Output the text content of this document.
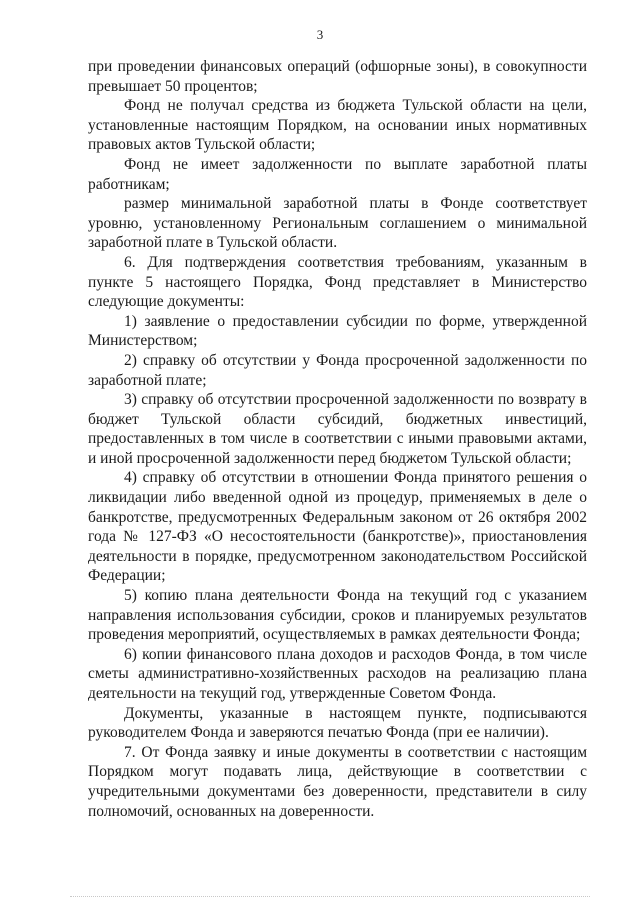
3

при проведении финансовых операций (офшорные зоны), в совокупности превышает 50 процентов;

Фонд не получал средства из бюджета Тульской области на цели, установленные настоящим Порядком, на основании иных нормативных правовых актов Тульской области;

Фонд не имеет задолженности по выплате заработной платы работникам;

размер минимальной заработной платы в Фонде соответствует уровню, установленному Региональным соглашением о минимальной заработной плате в Тульской области.

6. Для подтверждения соответствия требованиям, указанным в пункте 5 настоящего Порядка, Фонд представляет в Министерство следующие документы:

1) заявление о предоставлении субсидии по форме, утвержденной Министерством;

2) справку об отсутствии у Фонда просроченной задолженности по заработной плате;

3) справку об отсутствии просроченной задолженности по возврату в бюджет Тульской области субсидий, бюджетных инвестиций, предоставленных в том числе в соответствии с иными правовыми актами, и иной просроченной задолженности перед бюджетом Тульской области;

4) справку об отсутствии в отношении Фонда принятого решения о ликвидации либо введенной одной из процедур, применяемых в деле о банкротстве, предусмотренных Федеральным законом от 26 октября 2002 года № 127-ФЗ «О несостоятельности (банкротстве)», приостановления деятельности в порядке, предусмотренном законодательством Российской Федерации;

5) копию плана деятельности Фонда на текущий год с указанием направления использования субсидии, сроков и планируемых результатов проведения мероприятий, осуществляемых в рамках деятельности Фонда;

6) копии финансового плана доходов и расходов Фонда, в том числе сметы административно-хозяйственных расходов на реализацию плана деятельности на текущий год, утвержденные Советом Фонда.

Документы, указанные в настоящем пункте, подписываются руководителем Фонда и заверяются печатью Фонда (при ее наличии).

7. От Фонда заявку и иные документы в соответствии с настоящим Порядком могут подавать лица, действующие в соответствии с учредительными документами без доверенности, представители в силу полномочий, основанных на доверенности.
